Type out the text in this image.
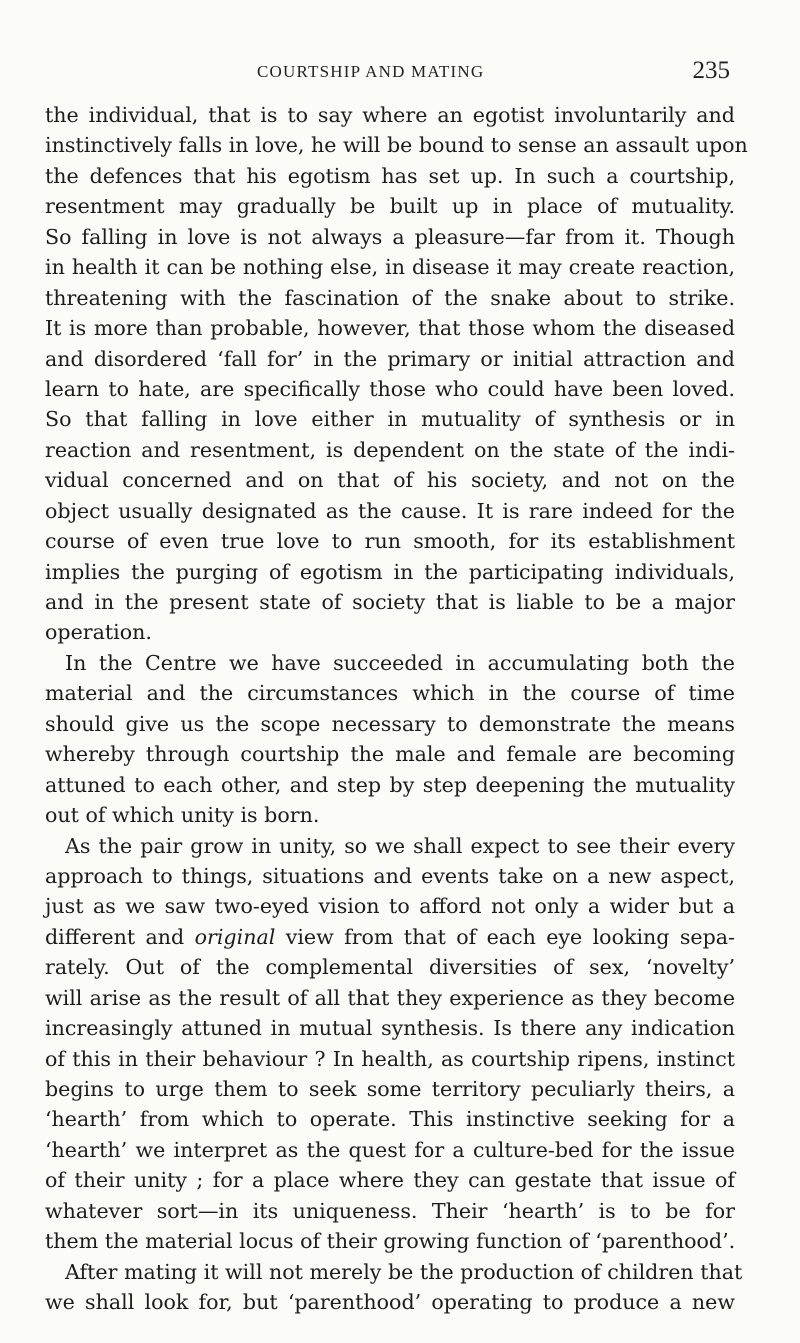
COURTSHIP AND MATING	235
the individual, that is to say where an egotist involuntarily and
instinctively falls in love, he will be bound to sense an assault upon
the defences that his egotism has set up. In such a courtship,
resentment may gradually be built up in place of mutuality.
So falling in love is not always a pleasure—far from it. Though
in health it can be nothing else, in disease it may create reaction,
threatening with the fascination of the snake about to strike.
It is more than probable, however, that those whom the diseased
and disordered ‘fall for’ in the primary or initial attraction and
learn to hate, are specifically those who could have been loved.
So that falling in love either in mutuality of synthesis or in
reaction and resentment, is dependent on the state of the indi-
vidual concerned and on that of his society, and not on the
object usually designated as the cause. It is rare indeed for the
course of even true love to run smooth, for its establishment
implies the purging of egotism in the participating individuals,
and in the present state of society that is liable to be a major
operation.
In the Centre we have succeeded in accumulating both the
material and the circumstances which in the course of time
should give us the scope necessary to demonstrate the means
whereby through courtship the male and female are becoming
attuned to each other, and step by step deepening the mutuality
out of which unity is born.
As the pair grow in unity, so we shall expect to see their every
approach to things, situations and events take on a new aspect,
just as we saw two-eyed vision to afford not only a wider but a
different and original view from that of each eye looking sepa-
rately. Out of the complemental diversities of sex, ‘novelty’
will arise as the result of all that they experience as they become
increasingly attuned in mutual synthesis. Is there any indication
of this in their behaviour ? In health, as courtship ripens, instinct
begins to urge them to seek some territory peculiarly theirs, a
‘hearth’ from which to operate. This instinctive seeking for a
‘hearth’ we interpret as the quest for a culture-bed for the issue
of their unity ; for a place where they can gestate that issue of
whatever sort—in its uniqueness. Their ‘hearth’ is to be for
them the material locus of their growing function of ‘parenthood’.
After mating it will not merely be the production of children that
we shall look for, but ‘parenthood’ operating to produce a new
